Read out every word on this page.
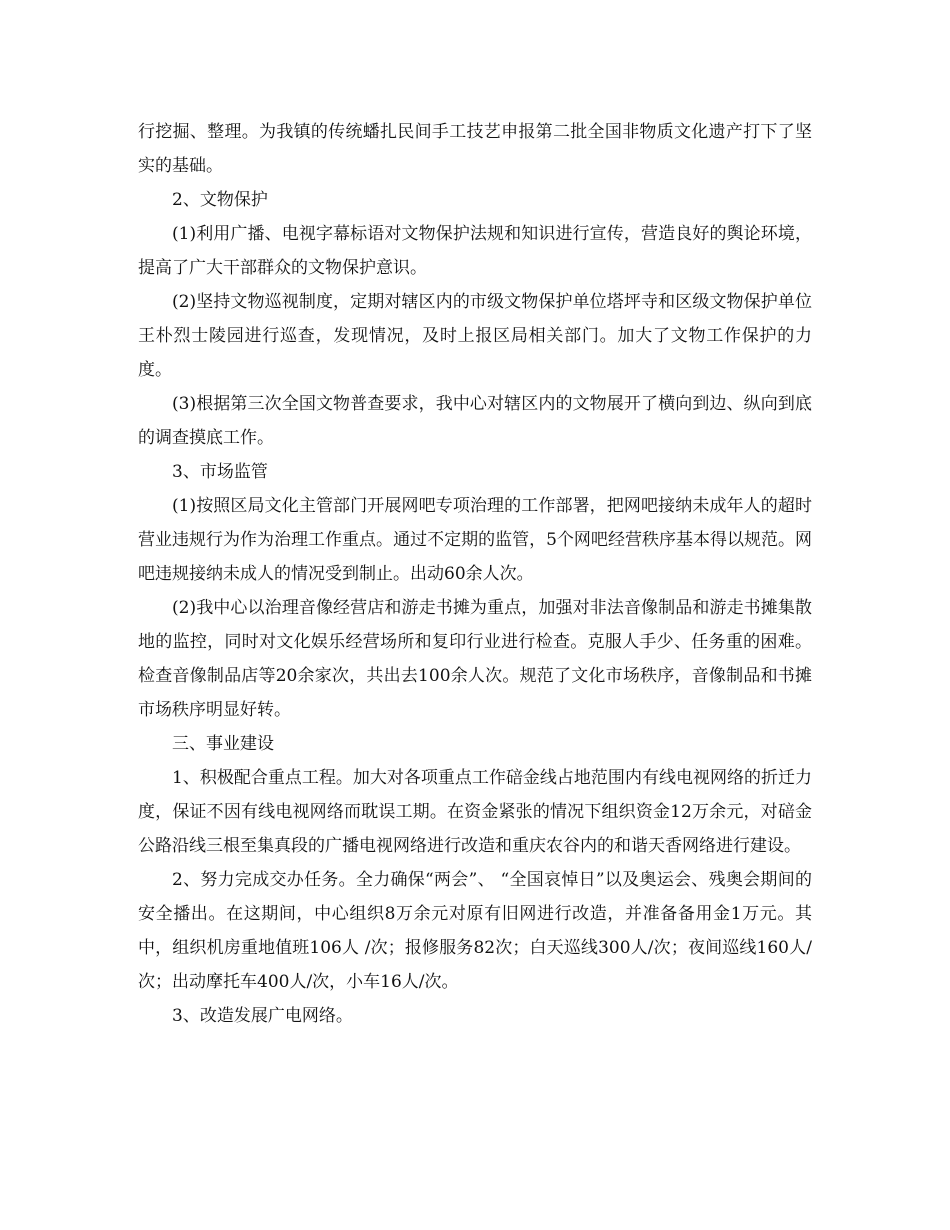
行挖掘、整理。为我镇的传统蟠扎民间手工技艺申报第二批全国非物质文化遗产打下了坚实的基础。

2、文物保护

(1)利用广播、电视字幕标语对文物保护法规和知识进行宣传，营造良好的舆论环境，提高了广大干部群众的文物保护意识。

(2)坚持文物巡视制度，定期对辖区内的市级文物保护单位塔坪寺和区级文物保护单位王朴烈士陵园进行巡查，发现情况，及时上报区局相关部门。加大了文物工作保护的力度。

(3)根据第三次全国文物普查要求，我中心对辖区内的文物展开了横向到边、纵向到底的调查摸底工作。

3、市场监管

(1)按照区局文化主管部门开展网吧专项治理的工作部署，把网吧接纳未成年人的超时营业违规行为作为治理工作重点。通过不定期的监管，5个网吧经营秩序基本得以规范。网吧违规接纳未成人的情况受到制止。出动60余人次。

(2)我中心以治理音像经营店和游走书摊为重点，加强对非法音像制品和游走书摊集散地的监控，同时对文化娱乐经营场所和复印行业进行检查。克服人手少、任务重的困难。检查音像制品店等20余家次，共出去100余人次。规范了文化市场秩序，音像制品和书摊市场秩序明显好转。

三、事业建设

1、积极配合重点工程。加大对各项重点工作碚金线占地范围内有线电视网络的折迁力度，保证不因有线电视网络而耽误工期。在资金紧张的情况下组织资金12万余元，对碚金公路沿线三根至集真段的广播电视网络进行改造和重庆农谷内的和谐天香网络进行建设。

2、努力完成交办任务。全力确保“两会”、 “全国哀悼日”以及奥运会、残奥会期间的安全播出。在这期间，中心组织8万余元对原有旧网进行改造，并准备备用金1万元。其中，组织机房重地值班106人 /次；报修服务82次；白天巡线300人/次；夜间巡线160人/次；出动摩托车400人/次，小车16人/次。

3、改造发展广电网络。
